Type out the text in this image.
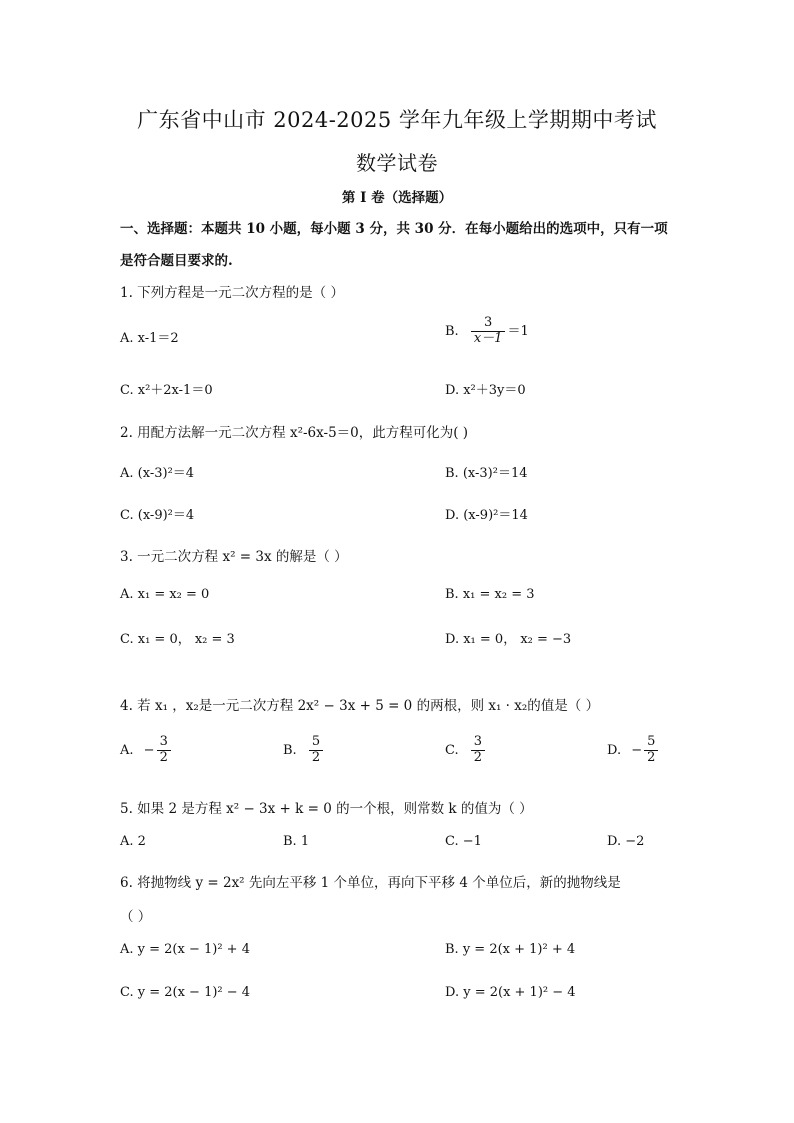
广东省中山市 2024-2025 学年九年级上学期期中考试
数学试卷
第 I 卷（选择题）
一、选择题：本题共 10 小题，每小题 3 分，共 30 分．在每小题给出的选项中，只有一项
是符合题目要求的.
1. 下列方程是一元二次方程的是（ ）
A. x-1＝2	B. $\frac{3}{x-1} =1$
C. x²＋2x-1＝0	D. x²＋3y＝0
2. 用配方法解一元二次方程 x²-6x-5＝0，此方程可化为( )
A. (x-3)²＝4	B. (x-3)²＝14
C. (x-9)²＝4	D. (x-9)²＝14
3. 一元二次方程 x² = 3x 的解是（ ）
A. x₁ = x₂ = 0	B. x₁ = x₂ = 3
C. x₁ = 0， x₂ = 3	D. x₁ = 0， x₂ = −3
4. 若 x₁ ，x₂是一元二次方程 2x² − 3x + 5 = 0 的两根，则 x₁ · x₂的值是（ ）
A. − $\frac{3}{2}$	B. $\frac{5}{2}$	C. $\frac{3}{2}$	D. − $\frac{5}{2}$
5. 如果 2 是方程 x² − 3x + k = 0 的一个根，则常数 k 的值为（ ）
A. 2	B. 1	C. −1	D. −2
6. 将抛物线 y = 2x² 先向左平移 1 个单位，再向下平移 4 个单位后，新的抛物线是
（ ）
A. y = 2(x − 1)² + 4	B. y = 2(x + 1)² + 4
C. y = 2(x − 1)² − 4	D. y = 2(x + 1)² − 4
